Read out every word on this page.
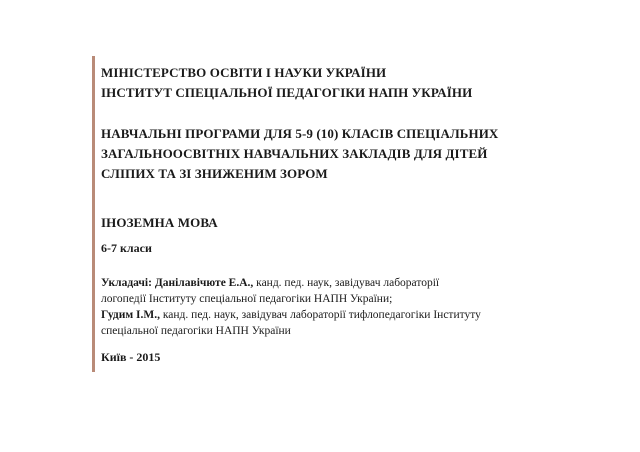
МІНІСТЕРСТВО ОСВІТИ І НАУКИ УКРАЇНИ
ІНСТИТУТ СПЕЦІАЛЬНОЇ ПЕДАГОГІКИ НАПН УКРАЇНИ
НАВЧАЛЬНІ ПРОГРАМИ ДЛЯ 5-9 (10) КЛАСІВ СПЕЦІАЛЬНИХ
ЗАГАЛЬНООСВІТНІХ НАВЧАЛЬНИХ ЗАКЛАДІВ ДЛЯ ДІТЕЙ
СЛІПИХ ТА ЗІ ЗНИЖЕНИМ ЗОРОМ
ІНОЗЕМНА МОВА
6-7 класи
Укладачі: Данілавічюте Е.А., канд. пед. наук, завідувач лабораторії
логопедії Інституту спеціальної педагогіки НАПН України;
Гудим І.М., канд. пед. наук, завідувач лабораторії тифлопедагогіки Інституту
спеціальної педагогіки НАПН України
Київ - 2015
